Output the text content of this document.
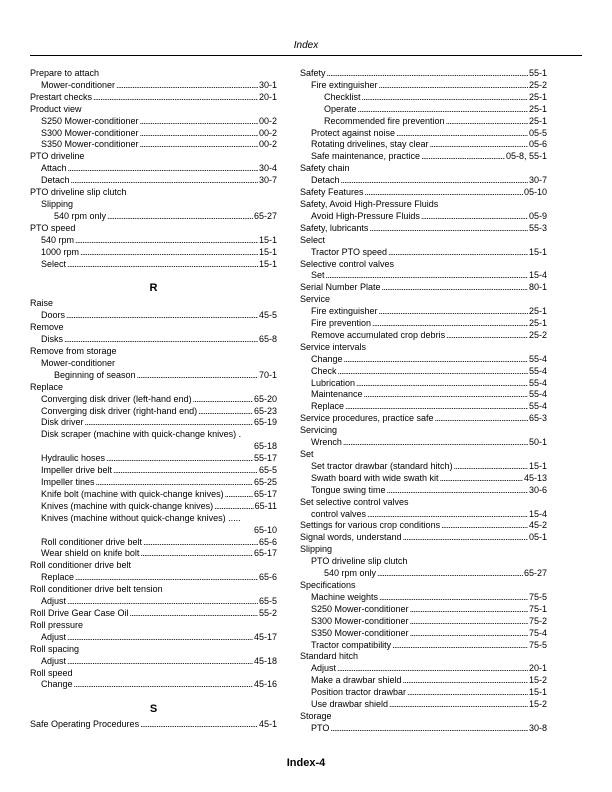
Index
Prepare to attach
Mower-conditioner . . .	30-1
Prestart checks . . .	20-1
Product view
S250 Mower-conditioner . . .	00-2
S300 Mower-conditioner . . .	00-2
S350 Mower-conditioner . . .	00-2
PTO driveline
Attach . . .	30-4
Detach . . .	30-7
PTO driveline slip clutch
Slipping
540 rpm only . . .	65-27
PTO speed
540 rpm . . .	15-1
1000 rpm . . .	15-1
Select . . .	15-1
R
Raise
Doors . . .	45-5
Remove
Disks . . .	65-8
Remove from storage
Mower-conditioner
Beginning of season . . .	70-1
Replace
Converging disk driver (left-hand end) . . .	65-20
Converging disk driver (right-hand end) . . .	65-23
Disk driver . . .	65-19
Disk scraper (machine with quick-change knives) .
65-18
Hydraulic hoses . . .	55-17
Impeller drive belt . . .	65-5
Impeller tines . . .	65-25
Knife bolt (machine with quick-change knives) . . .	65-17
Knives (machine with quick-change knives) . . .	65-11
Knives (machine without quick-change knives) .....
65-10
Roll conditioner drive belt . . .	65-6
Wear shield on knife bolt . . .	65-17
Roll conditioner drive belt
Replace . . .	65-6
Roll conditioner drive belt tension
Adjust . . .	65-5
Roll Drive Gear Case Oil . . .	55-2
Roll pressure
Adjust . . .	45-17
Roll spacing
Adjust . . .	45-18
Roll speed
Change . . .	45-16
S
Safe Operating Procedures . . .	45-1
Safety . . .	55-1
Fire extinguisher . . .	25-2
Checklist . . .	25-1
Operate . . .	25-1
Recommended fire prevention . . .	25-1
Protect against noise . . .	05-5
Rotating drivelines, stay clear . . .	05-6
Safe maintenance, practice . . .	05-8, 55-1
Safety chain
Detach . . .	30-7
Safety Features . . .	05-10
Safety, Avoid High-Pressure Fluids
Avoid High-Pressure Fluids . . .	05-9
Safety, lubricants . . .	55-3
Select
Tractor PTO speed . . .	15-1
Selective control valves
Set . . .	15-4
Serial Number Plate . . .	80-1
Service
Fire extinguisher . . .	25-1
Fire prevention . . .	25-1
Remove accumulated crop debris . . .	25-2
Service intervals
Change . . .	55-4
Check . . .	55-4
Lubrication . . .	55-4
Maintenance . . .	55-4
Replace . . .	55-4
Service procedures, practice safe . . .	65-3
Servicing
Wrench . . .	50-1
Set
Set tractor drawbar (standard hitch) . . .	15-1
Swath board with wide swath kit . . .	45-13
Tongue swing time . . .	30-6
Set selective control valves
control valves . . .	15-4
Settings for various crop conditions . . .	45-2
Signal words, understand . . .	05-1
Slipping
PTO driveline slip clutch
540 rpm only . . .	65-27
Specifications
Machine weights . . .	75-5
S250 Mower-conditioner . . .	75-1
S300 Mower-conditioner . . .	75-2
S350 Mower-conditioner . . .	75-4
Tractor compatibility . . .	75-5
Standard hitch
Adjust . . .	20-1
Make a drawbar shield . . .	15-2
Position tractor drawbar . . .	15-1
Use drawbar shield . . .	15-2
Storage
PTO . . .	30-8
Index-4
